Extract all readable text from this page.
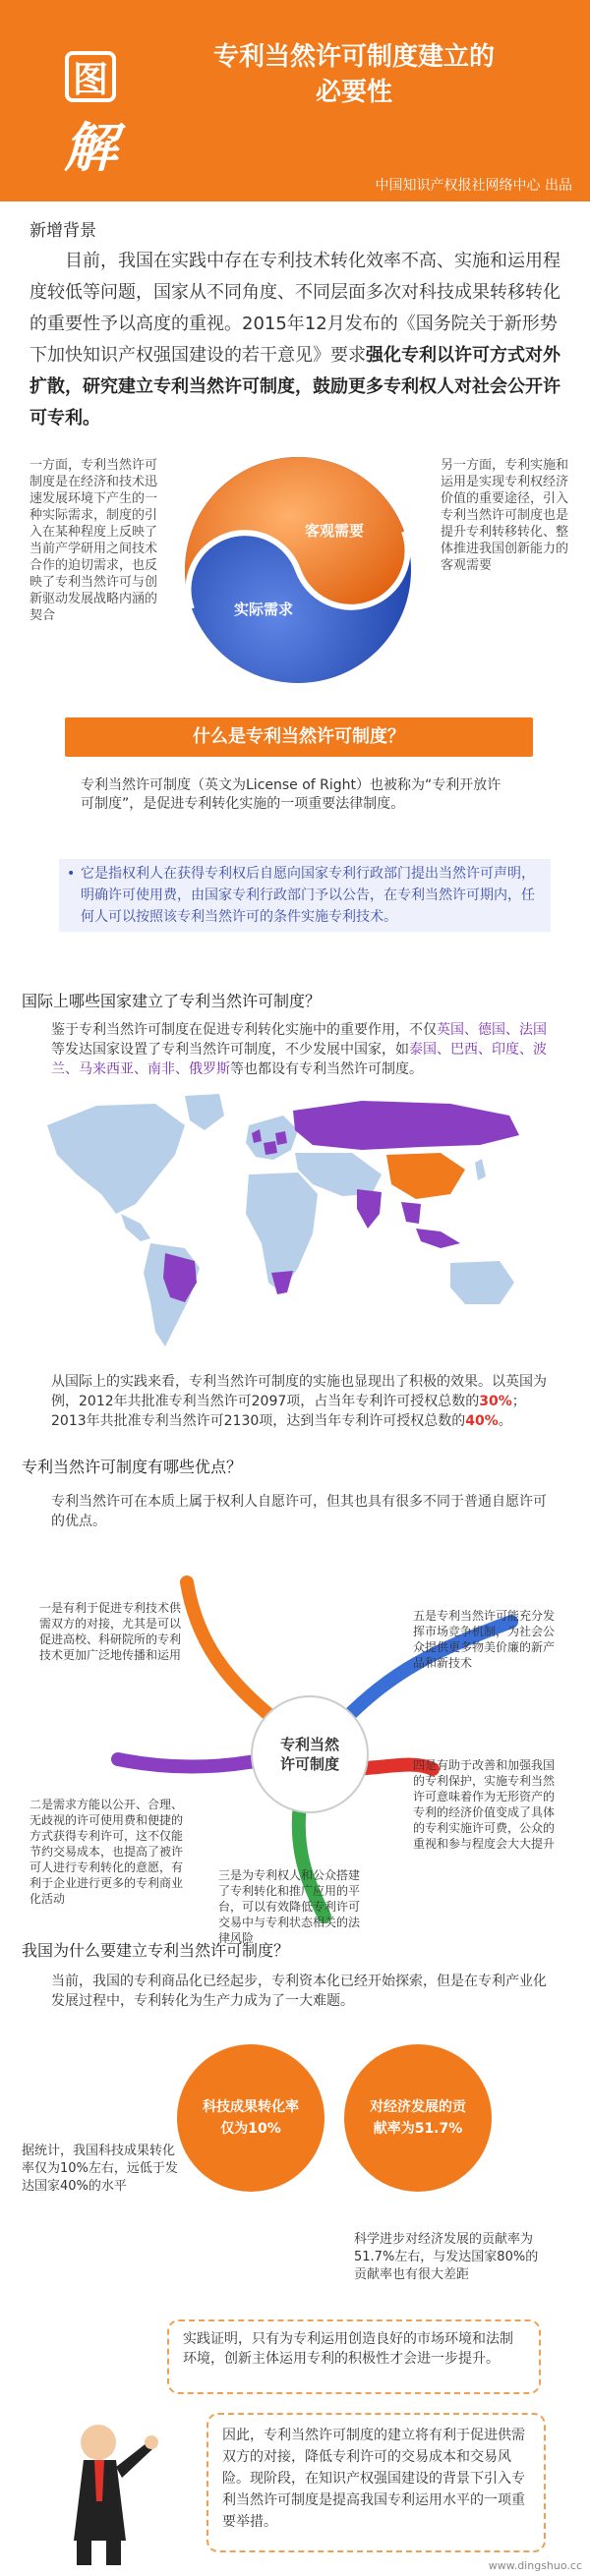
图
解
专利当然许可制度建立的
必要性
中国知识产权报社网络中心 出品
新增背景
目前，我国在实践中存在专利技术转化效率不高、实施和运用程度较低等问题，国家从不同角度、不同层面多次对科技成果转移转化的重要性予以高度的重视。2015年12月发布的《国务院关于新形势下加快知识产权强国建设的若干意见》要求强化专利以许可方式对外扩散，研究建立专利当然许可制度，鼓励更多专利权人对社会公开许可专利。
一方面，专利当然许可制度是在经济和技术迅速发展环境下产生的一种实际需求，制度的引入在某种程度上反映了当前产学研用之间技术合作的迫切需求，也反映了专利当然许可与创新驱动发展战略内涵的契合
另一方面，专利实施和运用是实现专利权经济价值的重要途径，引入专利当然许可制度也是提升专利转移转化、整体推进我国创新能力的客观需要
客观需要
实际需求
什么是专利当然许可制度？
专利当然许可制度（英文为License of Right）也被称为“专利开放许可制度”，是促进专利转化实施的一项重要法律制度。
• 它是指权利人在获得专利权后自愿向国家专利行政部门提出当然许可声明，明确许可使用费，由国家专利行政部门予以公告，在专利当然许可期内，任何人可以按照该专利当然许可的条件实施专利技术。
国际上哪些国家建立了专利当然许可制度？
鉴于专利当然许可制度在促进专利转化实施中的重要作用，不仅英国、德国、法国等发达国家设置了专利当然许可制度，不少发展中国家，如泰国、巴西、印度、波兰、马来西亚、南非、俄罗斯等也都设有专利当然许可制度。
从国际上的实践来看，专利当然许可制度的实施也显现出了积极的效果。以英国为例，2012年共批准专利当然许可2097项，占当年专利许可授权总数的30%；2013年共批准专利当然许可2130项，达到当年专利许可授权总数的40%。
专利当然许可制度有哪些优点？
专利当然许可在本质上属于权利人自愿许可，但其也具有很多不同于普通自愿许可的优点。
专利当然
许可制度
一是有利于促进专利技术供需双方的对接，尤其是可以促进高校、科研院所的专利技术更加广泛地传播和运用
二是需求方能以公开、合理、无歧视的许可使用费和便捷的方式获得专利许可，这不仅能节约交易成本，也提高了被许可人进行专利转化的意愿，有利于企业进行更多的专利商业化活动
三是为专利权人和公众搭建了专利转化和推广应用的平台，可以有效降低专利许可交易中与专利状态相关的法律风险
四是有助于改善和加强我国的专利保护，实施专利当然许可意味着作为无形资产的专利的经济价值变成了具体的专利实施许可费，公众的重视和参与程度会大大提升
五是专利当然许可能充分发挥市场竞争机制，为社会公众提供更多物美价廉的新产品和新技术
我国为什么要建立专利当然许可制度？
当前，我国的专利商品化已经起步，专利资本化已经开始探索，但是在专利产业化发展过程中，专利转化为生产力成为了一大难题。
科技成果转化率仅为10%
对经济发展的贡献率为51.7%
据统计，我国科技成果转化率仅为10%左右，远低于发达国家40%的水平
科学进步对经济发展的贡献率为51.7%左右，与发达国家80%的贡献率也有很大差距
实践证明，只有为专利运用创造良好的市场环境和法制环境，创新主体运用专利的积极性才会进一步提升。
因此，专利当然许可制度的建立将有利于促进供需双方的对接，降低专利许可的交易成本和交易风险。现阶段，在知识产权强国建设的背景下引入专利当然许可制度是提高我国专利运用水平的一项重要举措。
www.dingshuo.cc
